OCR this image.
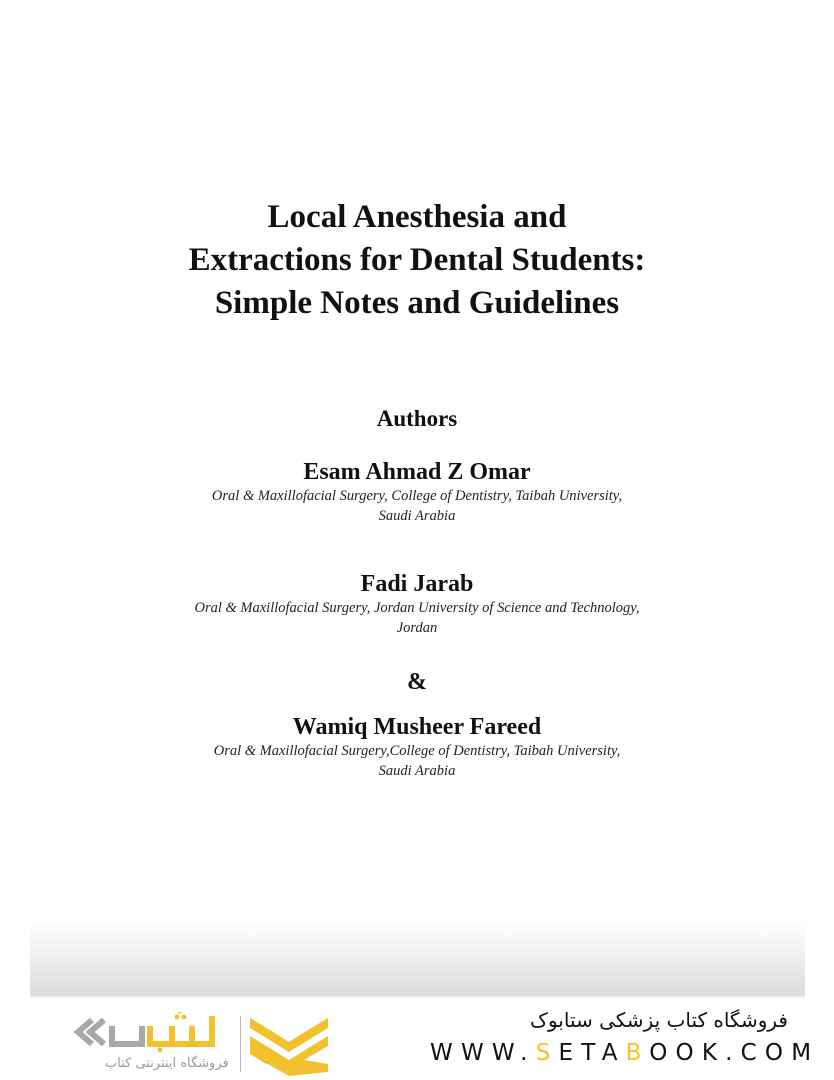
Local Anesthesia and
Extractions for Dental Students:
Simple Notes and Guidelines
Authors
Esam Ahmad Z Omar
Oral & Maxillofacial Surgery, College of Dentistry, Taibah University,
Saudi Arabia
Fadi Jarab
Oral & Maxillofacial Surgery, Jordan University of Science and Technology,
Jordan
&
Wamiq Musheer Fareed
Oral & Maxillofacial Surgery,College of Dentistry, Taibah University,
Saudi Arabia
فروشگاه اینترنتی کتاب
فروشگاه کتاب پزشکی ستابوک
WWW.SETABOOK.COM
